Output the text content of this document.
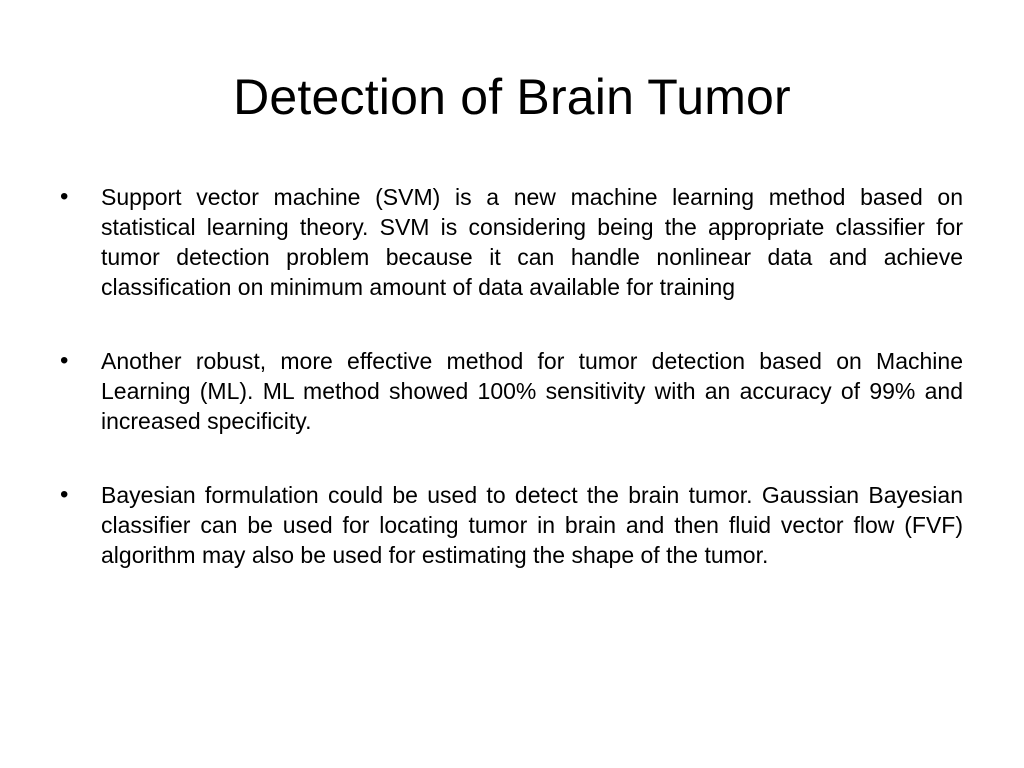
Detection of Brain Tumor
• Support vector machine (SVM) is a new machine learning method based on statistical learning theory. SVM is considering being the appropriate classifier for tumor detection problem because it can handle nonlinear data and achieve classification on minimum amount of data available for training
• Another robust, more effective method for tumor detection based on Machine Learning (ML). ML method showed 100% sensitivity with an accuracy of 99% and increased specificity.
• Bayesian formulation could be used to detect the brain tumor. Gaussian Bayesian classifier can be used for locating tumor in brain and then fluid vector flow (FVF) algorithm may also be used for estimating the shape of the tumor.
